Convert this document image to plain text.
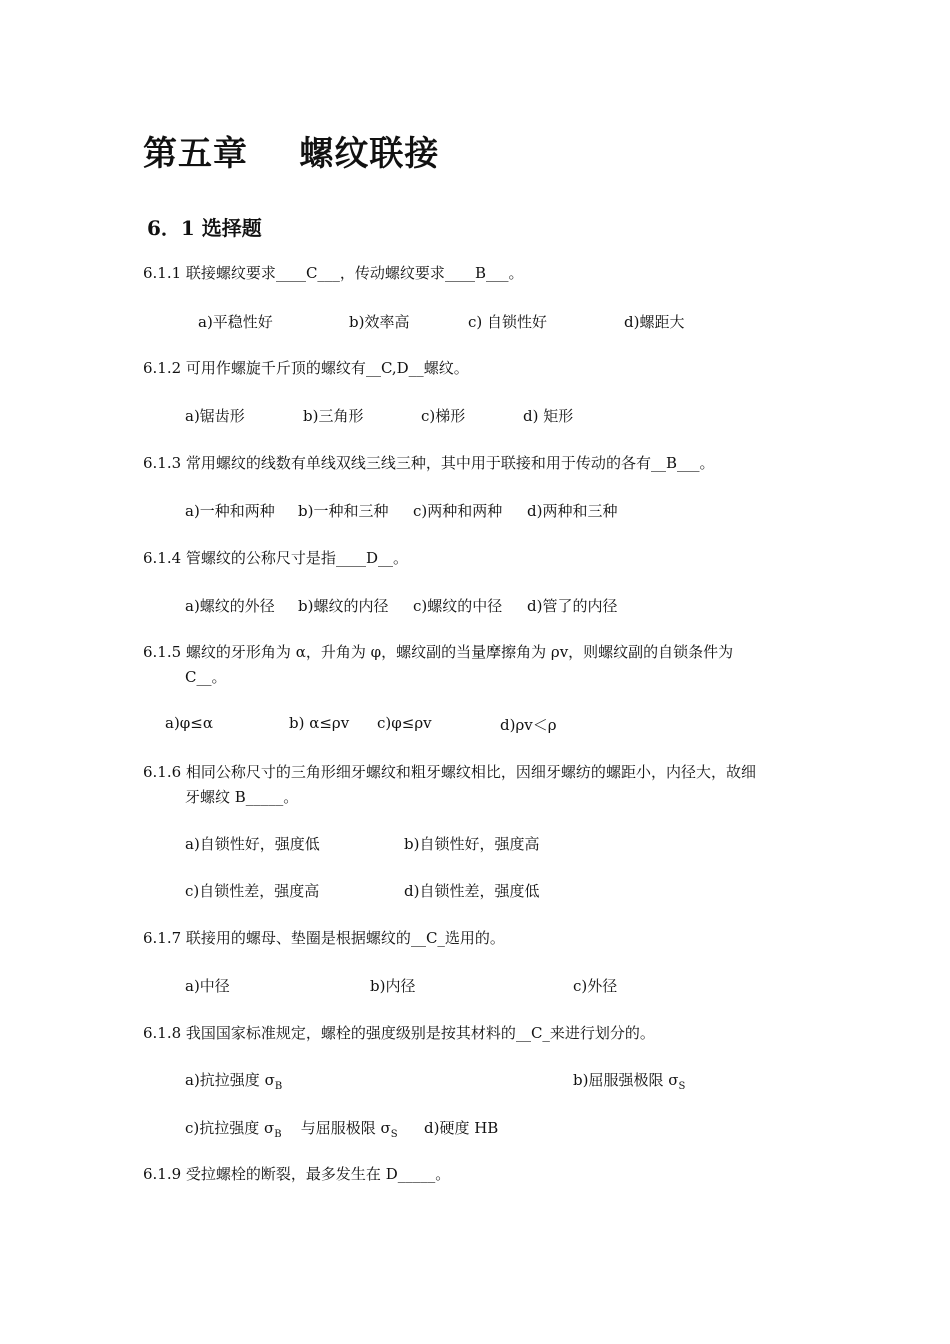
第五章    螺纹联接
6．1 选择题
6.1.1 联接螺纹要求____C___，传动螺纹要求____B___。
a)平稳性好	b)效率高	c) 自锁性好	d)螺距大
6.1.2 可用作螺旋千斤顶的螺纹有__C,D__螺纹。
a)锯齿形	b)三角形	c)梯形	d) 矩形
6.1.3 常用螺纹的线数有单线双线三线三种，其中用于联接和用于传动的各有__B___。
a)一种和两种 b)一种和三种 c)两种和两种 d)两种和三种
6.1.4 管螺纹的公称尺寸是指____D__。
a)螺纹的外径 b)螺纹的内径 c)螺纹的中径 d)管了的内径
6.1.5 螺纹的牙形角为 α，升角为 φ，螺纹副的当量摩擦角为 ρv，则螺纹副的自锁条件为
C__。
a)φ≤α	b) α≤ρv c)φ≤ρv	d)ρv＜ρ
6.1.6 相同公称尺寸的三角形细牙螺纹和粗牙螺纹相比，因细牙螺纺的螺距小，内径大，故细
牙螺纹 B_____。
a)自锁性好，强度低	b)自锁性好，强度高
c)自锁性差，强度高	d)自锁性差，强度低
6.1.7 联接用的螺母、垫圈是根据螺纹的__C_选用的。
a)中径	b)内径	c)外径
6.1.8 我国国家标准规定，螺栓的强度级别是按其材料的__C_来进行划分的。
a)抗拉强度 $\sigma_B$	b)屈服强极限 $\sigma_S$
c)抗拉强度 $\sigma_B$ 与屈服极限 $\sigma_S$ d)硬度 HB
6.1.9 受拉螺栓的断裂，最多发生在 D_____。
